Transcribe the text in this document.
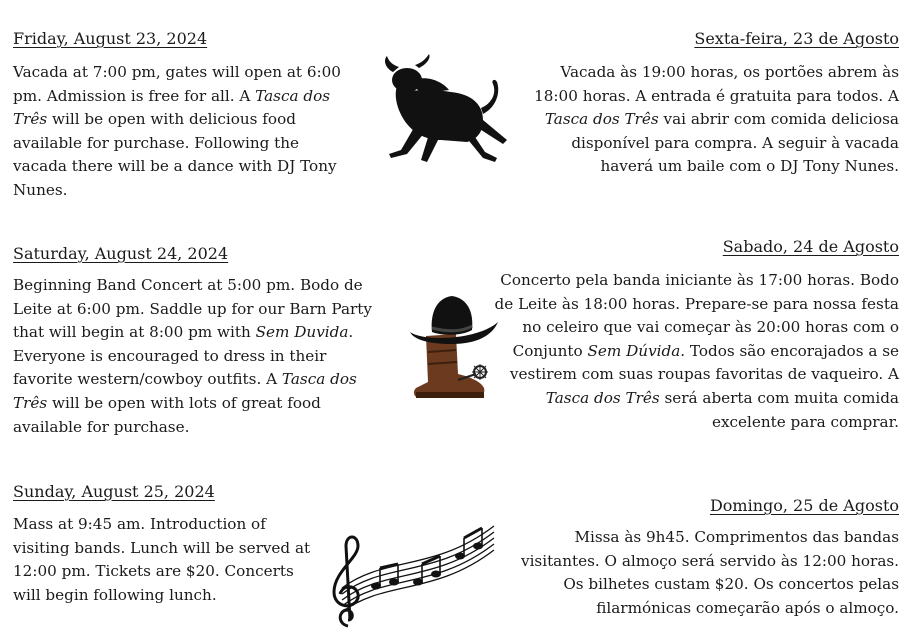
Friday, August 23, 2024	Sexta-feira, 23 de Agosto
Vacada at 7:00 pm, gates will open at 6:00 pm. Admission is free for all. A Tasca dos Três will be open with delicious food available for purchase. Following the vacada there will be a dance with DJ Tony Nunes.
Vacada às 19:00 horas, os portões abrem às 18:00 horas. A entrada é gratuita para todos. A Tasca dos Três vai abrir com comida deliciosa disponível para compra. A seguir à vacada haverá um baile com o DJ Tony Nunes.
Saturday, August 24, 2024	Sabado, 24 de Agosto
Beginning Band Concert at 5:00 pm. Bodo de Leite at 6:00 pm. Saddle up for our Barn Party that will begin at 8:00 pm with Sem Duvida. Everyone is encouraged to dress in their favorite western/cowboy outfits. A Tasca dos Três will be open with lots of great food available for purchase.
Concerto pela banda iniciante às 17:00 horas. Bodo de Leite às 18:00 horas. Prepare-se para nossa festa no celeiro que vai começar às 20:00 horas com o Conjunto Sem Dúvida. Todos são encorajados a se vestirem com suas roupas favoritas de vaqueiro. A Tasca dos Três será aberta com muita comida excelente para comprar.
Sunday, August 25, 2024
Domingo, 25 de Agosto
Mass at 9:45 am. Introduction of visiting bands. Lunch will be served at 12:00 pm. Tickets are $20. Concerts will begin following lunch.
Missa às 9h45. Comprimentos das bandas visitantes. O almoço será servido às 12:00 horas. Os bilhetes custam $20. Os concertos pelas filarmónicas começarão após o almoço.
